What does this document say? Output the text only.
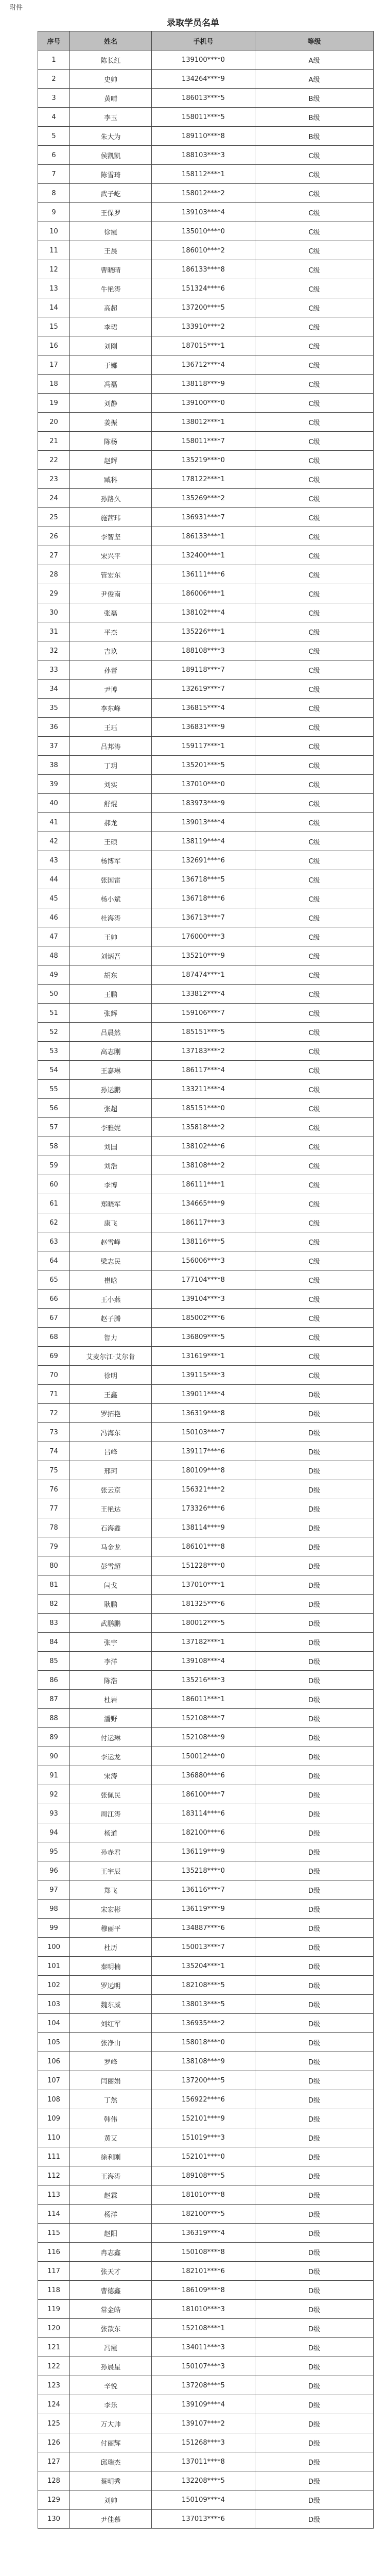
附件
录取学员名单
序号	姓名	手机号	等级
1	陈长红	139100****0	A级
2	史帅	134264****9	A级
3	黄晴	186013****5	B级
4	李玉	158011****5	B级
5	朱大为	189110****8	B级
6	侯凯凯	188103****3	C级
7	陈雪琦	158112****1	C级
8	武子屹	158012****2	C级
9	王保罗	139103****4	C级
10	徐霞	135010****0	C级
11	王晨	186010****2	C级
12	曹晓晴	186133****8	C级
13	牛艳涛	151324****6	C级
14	高超	137200****5	C级
15	李珺	133910****2	C级
16	刘刚	187015****1	C级
17	于娜	136712****4	C级
18	冯磊	138118****9	C级
19	刘静	139100****0	C级
20	姜振	138012****1	C级
21	陈杨	158011****7	C级
22	赵辉	135219****0	C级
23	臧科	178122****1	C级
24	孙路久	135269****2	C级
25	施茜玮	136931****7	C级
26	李智坚	186133****1	C级
27	宋兴平	132400****1	C级
28	管宏东	136111****6	C级
29	尹俊南	186006****1	C级
30	张磊	138102****4	C级
31	平杰	135226****1	C级
32	吉玖	188108****3	C级
33	孙蕾	189118****7	C级
34	尹博	132619****7	C级
35	李东峰	136815****4	C级
36	王珏	136831****9	C级
37	吕邦涛	159117****1	C级
38	丁玥	135201****5	C级
39	刘实	137010****0	C级
40	舒焜	183973****9	C级
41	郝龙	139013****4	C级
42	王硕	138119****4	C级
43	杨博军	132691****6	C级
44	张国雷	136718****5	C级
45	杨小斌	136718****6	C级
46	杜海涛	136713****7	C级
47	王帅	176000****3	C级
48	刘炳吾	135210****9	C级
49	胡东	187474****1	C级
50	王鹏	133812****4	C级
51	张辉	159106****7	C级
52	吕晨然	185151****5	C级
53	高志刚	137183****2	C级
54	王嘉琳	186117****4	C级
55	孙运鹏	133211****4	C级
56	张超	185151****0	C级
57	李雅妮	135818****2	C级
58	刘国	138102****6	C级
59	刘浩	138108****2	C级
60	李博	186111****1	C级
61	郑晓军	134665****9	C级
62	康飞	186117****3	C级
63	赵雪峰	138116****5	C级
64	梁志民	156006****3	C级
65	崔晗	177104****8	C级
66	王小燕	139104****3	C级
67	赵子腾	185002****6	C级
68	智力	136809****5	C级
69	艾麦尔江·艾尔肯	131619****1	C级
70	徐明	139115****3	C级
71	王鑫	139011****4	D级
72	罗拓艳	136319****8	D级
73	冯海东	150103****7	D级
74	吕峰	139117****6	D级
75	邢珂	180109****8	D级
76	张云京	156321****2	D级
77	王艳达	173326****6	D级
78	石海鑫	138114****9	D级
79	马金龙	186101****8	D级
80	彭雪超	151228****0	D级
81	闫戈	137010****1	D级
82	耿鹏	181325****6	D级
83	武鹏鹏	180012****5	D级
84	张宇	137182****1	D级
85	李洋	139108****4	D级
86	陈浩	135216****3	D级
87	杜岩	186011****1	D级
88	潘野	152108****7	D级
89	付运琳	152108****9	D级
90	李运龙	150012****0	D级
91	宋涛	136880****6	D级
92	张佩民	186100****7	D级
93	周江涛	183114****6	D级
94	杨道	182100****6	D级
95	孙赤君	136119****9	D级
96	王宇辰	135218****0	D级
97	郑飞	136116****7	D级
98	宋宏彬	136119****9	D级
99	穆丽平	134887****6	D级
100	杜历	150013****7	D级
101	秦明楠	135204****1	D级
102	罗远明	182108****5	D级
103	魏东威	138013****5	D级
104	刘红军	136935****2	D级
105	张净山	158018****0	D级
106	罗峰	138108****9	D级
107	闫丽娟	137200****5	D级
108	丁然	156922****6	D级
109	韩伟	152101****9	D级
110	黄艾	151019****3	D级
111	徐利刚	152101****0	D级
112	王海涛	189108****5	D级
113	赵霖	181010****8	D级
114	杨洋	182100****5	D级
115	赵阳	136319****4	D级
116	冉志鑫	150108****8	D级
117	张天才	182101****6	D级
118	曹德鑫	186109****8	D级
119	常金皓	181010****3	D级
120	张歆东	152108****1	D级
121	冯霞	134011****3	D级
122	孙晨星	150107****3	D级
123	辛悦	137208****5	D级
124	李乐	139109****4	D级
125	万大帅	139107****2	D级
126	付丽辉	151268****3	D级
127	邱瑞杰	137011****8	D级
128	蔡明秀	132208****5	D级
129	刘帅	150109****4	D级
130	尹佳慕	137013****6	D级
